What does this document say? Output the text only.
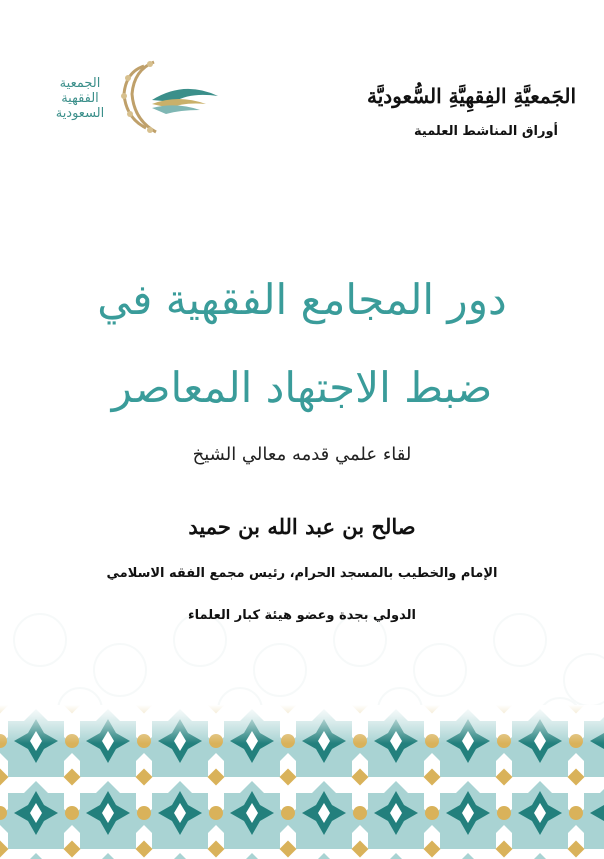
الجمعية
الفقهية
السعودية
الجَمعيَّةِ الفِقهِيَّةِ السُّعوديَّة
أوراق المناشط العلمية
دور المجامع الفقهية في
ضبط الاجتهاد المعاصر
لقاء علمي قدمه معالي الشيخ
صالح بن عبد الله بن حميد
الإمام والخطيب بالمسجد الحرام، رئيس مجمع الفقه الاسلامي
الدولي بجدة وعضو هيئة كبار العلماء
